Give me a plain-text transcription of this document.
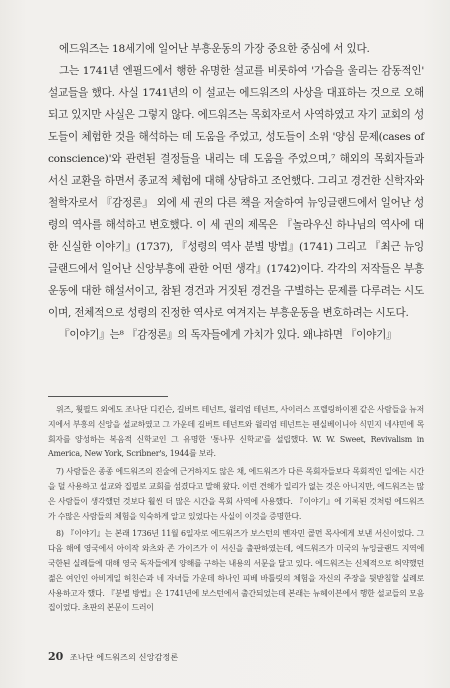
에드워즈는 18세기에 일어난 부흥운동의 가장 중요한 중심에 서 있다.

그는 1741년 엔필드에서 행한 유명한 설교를 비롯하여 '가슴을 울리는 감동적인' 설교들을 했다. 사실 1741년의 이 설교는 에드워즈의 사상을 대표하는 것으로 오해되고 있지만 사실은 그렇지 않다. 에드워즈는 목회자로서 사역하였고 자기 교회의 성도들이 체험한 것을 해석하는 데 도움을 주었고, 성도들이 소위 '양심 문제(cases of conscience)'와 관련된 결정들을 내리는 데 도움을 주었으며,⁷ 해외의 목회자들과 서신 교환을 하면서 종교적 체험에 대해 상담하고 조언했다. 그리고 경건한 신학자와 철학자로서 『감정론』 외에 세 권의 다른 책을 저술하여 뉴잉글랜드에서 일어난 성령의 역사를 해석하고 변호했다. 이 세 권의 제목은 『놀라우신 하나님의 역사에 대한 신실한 이야기』(1737), 『성령의 역사 분별 방법』(1741) 그리고 『최근 뉴잉글랜드에서 일어난 신앙부흥에 관한 어떤 생각』(1742)이다. 각각의 저작들은 부흥운동에 대한 해설서이고, 참된 경건과 거짓된 경건을 구별하는 문제를 다루려는 시도이며, 전체적으로 성령의 진정한 역사로 여겨지는 부흥운동을 변호하려는 시도다.

『이야기』는⁸ 『감정론』의 독자들에게 가치가 있다. 왜냐하면 『이야기』

위즈, 휫필드 외에도 조나단 디킨슨, 길버트 테넌트, 윌리엄 테넌트, 사이러스 프렐링하이젠 같은 사람들을 뉴저지에서 부흥의 신앙을 설교하였고 그 가운데 길버트 테넌트와 윌리엄 테넌트는 펜실베이니아 식민지 네샤민에 목회자를 양성하는 복음적 신학교인 그 유명한 '통나무 신학교'를 설립했다. W. W. Sweet, Revivalism in America, New York, Scribner's, 1944를 보라.

7) 사람들은 종종 에드워즈의 진술에 근거하지도 않은 채, 에드워즈가 다른 목회자들보다 목회적인 일에는 시간을 덜 사용하고 설교와 집필로 교회를 섬겼다고 말해 왔다. 이런 견해가 일리가 없는 것은 아니지만, 에드워즈는 많은 사람들이 생각했던 것보다 훨씬 더 많은 시간을 목회 사역에 사용했다. 『이야기』에 기록된 것처럼 에드워즈가 수많은 사람들의 체험을 익숙하게 알고 있었다는 사실이 이것을 증명한다.

8) 『이야기』는 본래 1736년 11월 6일자로 에드워즈가 보스턴의 벤자민 콜먼 목사에게 보낸 서신이었다. 그 다음 해에 영국에서 아이작 와츠와 존 가이즈가 이 서신을 출판하였는데, 에드워즈가 미국의 뉴잉글랜드 지역에 국한된 실례들에 대해 영국 독자들에게 양해를 구하는 내용의 서문을 달고 있다. 에드워즈는 신체적으로 허약했던 젊은 여인인 아비게일 허친슨과 네 자녀들 가운데 하나인 피베 바틀릿의 체험을 자신의 주장을 뒷받침할 실례로 사용하고자 했다. 『분별 방법』은 1741년에 보스턴에서 출간되었는데 본래는 뉴헤이븐에서 행한 설교들의 모음집이었다. 초판의 본문이 드러이

20 조나단 에드워즈의 신앙감정론
